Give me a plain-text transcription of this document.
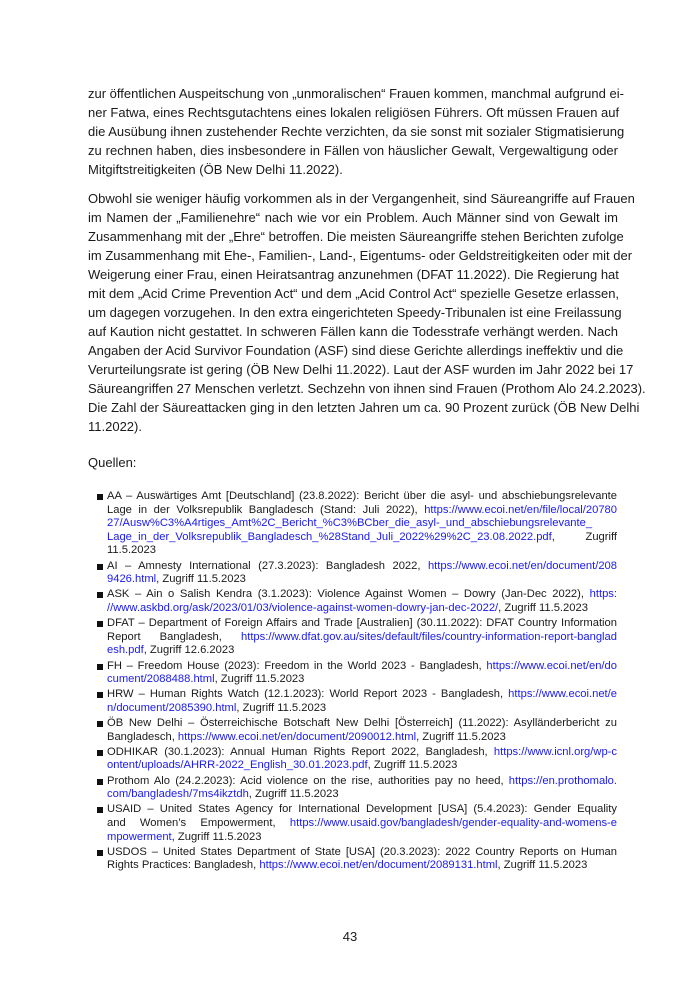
zur öffentlichen Auspeitschung von „unmoralischen“ Frauen kommen, manchmal aufgrund ei-
ner Fatwa, eines Rechtsgutachtens eines lokalen religiösen Führers. Oft müssen Frauen auf
die Ausübung ihnen zustehender Rechte verzichten, da sie sonst mit sozialer Stigmatisierung
zu rechnen haben, dies insbesondere in Fällen von häuslicher Gewalt, Vergewaltigung oder
Mitgiftstreitigkeiten (ÖB New Delhi 11.2022).
Obwohl sie weniger häufig vorkommen als in der Vergangenheit, sind Säureangriffe auf Frauen
im Namen der „Familienehre“ nach wie vor ein Problem. Auch Männer sind von Gewalt im
Zusammenhang mit der „Ehre“ betroffen. Die meisten Säureangriffe stehen Berichten zufolge
im Zusammenhang mit Ehe-, Familien-, Land-, Eigentums- oder Geldstreitigkeiten oder mit der
Weigerung einer Frau, einen Heiratsantrag anzunehmen (DFAT 11.2022). Die Regierung hat
mit dem „Acid Crime Prevention Act“ und dem „Acid Control Act“ spezielle Gesetze erlassen,
um dagegen vorzugehen. In den extra eingerichteten Speedy-Tribunalen ist eine Freilassung
auf Kaution nicht gestattet. In schweren Fällen kann die Todesstrafe verhängt werden. Nach
Angaben der Acid Survivor Foundation (ASF) sind diese Gerichte allerdings ineffektiv und die
Verurteilungsrate ist gering (ÖB New Delhi 11.2022). Laut der ASF wurden im Jahr 2022 bei 17
Säureangriffen 27 Menschen verletzt. Sechzehn von ihnen sind Frauen (Prothom Alo 24.2.2023).
Die Zahl der Säureattacken ging in den letzten Jahren um ca. 90 Prozent zurück (ÖB New Delhi
11.2022).
Quellen:
AA – Auswärtiges Amt [Deutschland] (23.8.2022): Bericht über die asyl- und abschiebungsrelevante
Lage in der Volksrepublik Bangladesch (Stand: Juli 2022), https://www.ecoi.net/en/file/local/20780
27/Ausw%C3%A4rtiges_Amt%2C_Bericht_%C3%BCber_die_asyl-_und_abschiebungsrelevante_
Lage_in_der_Volksrepublik_Bangladesch_%28Stand_Juli_2022%29%2C_23.08.2022.pdf, Zugriff
11.5.2023
AI – Amnesty International (27.3.2023): Bangladesh 2022, https://www.ecoi.net/en/document/208
9426.html, Zugriff 11.5.2023
ASK – Ain o Salish Kendra (3.1.2023): Violence Against Women – Dowry (Jan-Dec 2022), https:
//www.askbd.org/ask/2023/01/03/violence-against-women-dowry-jan-dec-2022/, Zugriff 11.5.2023
DFAT – Department of Foreign Affairs and Trade [Australien] (30.11.2022): DFAT Country Information
Report Bangladesh, https://www.dfat.gov.au/sites/default/files/country-information-report-banglad
esh.pdf, Zugriff 12.6.2023
FH – Freedom House (2023): Freedom in the World 2023 - Bangladesh, https://www.ecoi.net/en/do
cument/2088488.html, Zugriff 11.5.2023
HRW – Human Rights Watch (12.1.2023): World Report 2023 - Bangladesh, https://www.ecoi.net/e
n/document/2085390.html, Zugriff 11.5.2023
ÖB New Delhi – Österreichische Botschaft New Delhi [Österreich] (11.2022): Asylländerbericht zu
Bangladesch, https://www.ecoi.net/en/document/2090012.html, Zugriff 11.5.2023
ODHIKAR (30.1.2023): Annual Human Rights Report 2022, Bangladesh, https://www.icnl.org/wp-c
ontent/uploads/AHRR-2022_English_30.01.2023.pdf, Zugriff 11.5.2023
Prothom Alo (24.2.2023): Acid violence on the rise, authorities pay no heed, https://en.prothomalo.
com/bangladesh/7ms4ikztdh, Zugriff 11.5.2023
USAID – United States Agency for International Development [USA] (5.4.2023): Gender Equality
and Women’s Empowerment, https://www.usaid.gov/bangladesh/gender-equality-and-womens-e
mpowerment, Zugriff 11.5.2023
USDOS – United States Department of State [USA] (20.3.2023): 2022 Country Reports on Human
Rights Practices: Bangladesh, https://www.ecoi.net/en/document/2089131.html, Zugriff 11.5.2023
43
